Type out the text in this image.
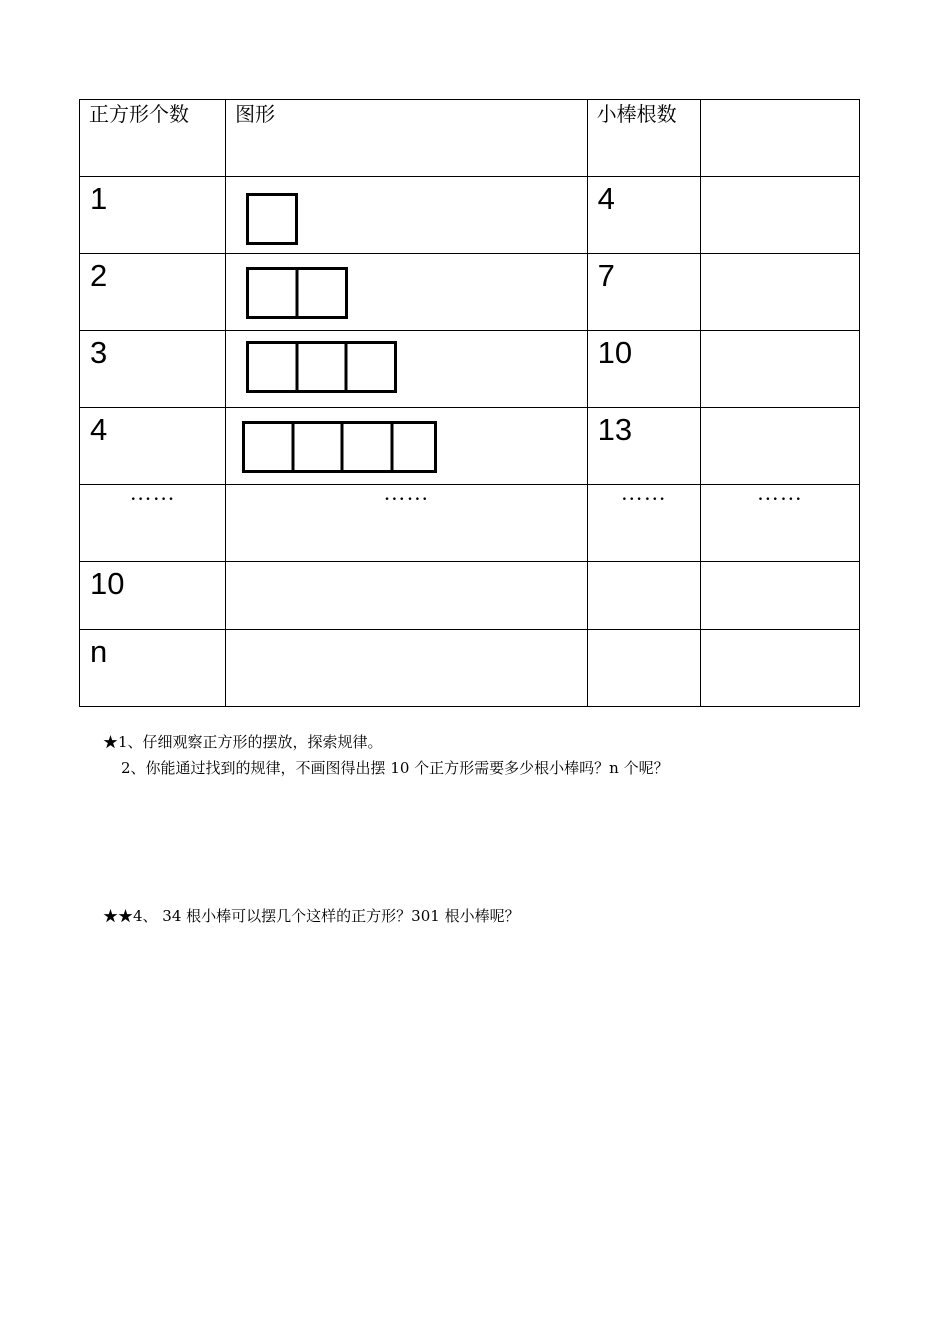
正方形个数	图形	小棒根数	

1		4	

2		7	

3		10	

4		13	

……	……	……	……

10			

n			

★1、仔细观察正方形的摆放，探索规律。
2、你能通过找到的规律，不画图得出摆 10 个正方形需要多少根小棒吗？n 个呢？
★★4、 34 根小棒可以摆几个这样的正方形？301 根小棒呢？
